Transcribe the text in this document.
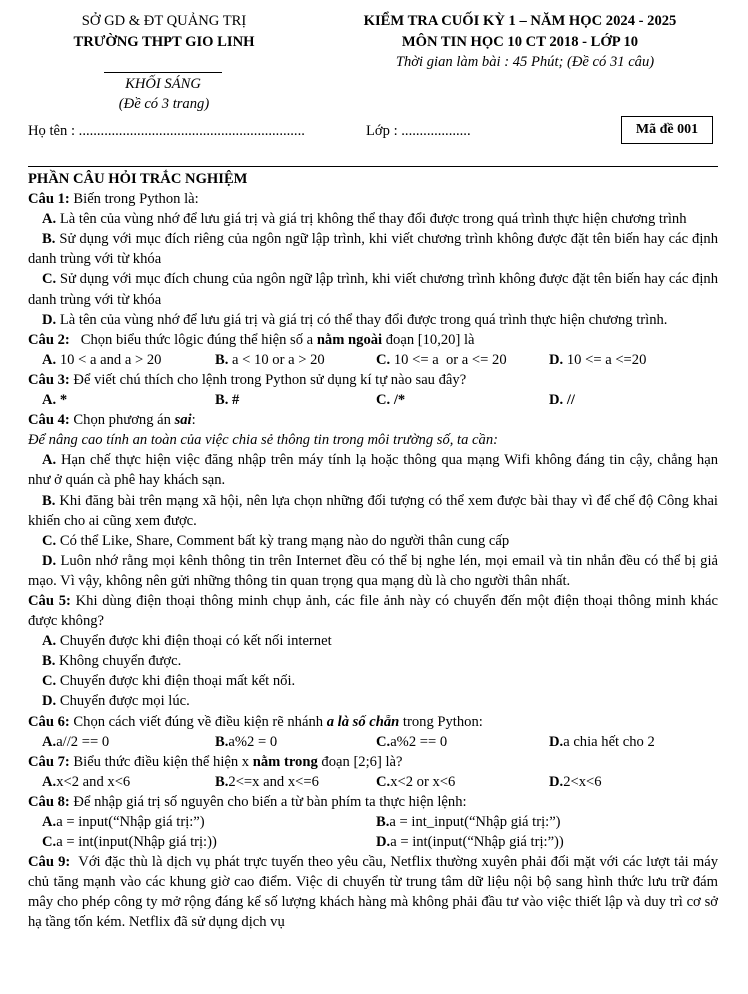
SỞ GD & ĐT QUẢNG TRỊ
TRƯỜNG THPT GIO LINH
KIỂM TRA CUỐI KỲ 1 – NĂM HỌC 2024 - 2025
MÔN TIN HỌC 10 CT 2018 - LỚP 10
Thời gian làm bài : 45 Phút; (Đề có 31 câu)
KHỐI SÁNG
(Đề có 3 trang)
Họ tên : ..............................................................	Lớp : ...................	Mã đề 001

PHẦN CÂU HỎI TRẮC NGHIỆM

Câu 1: Biến trong Python là:

A. Là tên của vùng nhớ để lưu giá trị và giá trị không thể thay đổi được trong quá trình thực hiện chương trình

B. Sử dụng với mục đích riêng của ngôn ngữ lập trình, khi viết chương trình không được đặt tên biến hay các định danh trùng với từ khóa

C. Sử dụng với mục đích chung của ngôn ngữ lập trình, khi viết chương trình không được đặt tên biến hay các định danh trùng với từ khóa

D. Là tên của vùng nhớ để lưu giá trị và giá trị có thể thay đổi được trong quá trình thực hiện chương trình.

Câu 2:   Chọn biểu thức lôgic đúng thể hiện số a nằm ngoài đoạn [10,20] là

A. 10 < a and a > 20	B. a < 10 or a > 20	C. 10 <= a  or a <= 20	D. 10 <= a <=20

Câu 3: Để viết chú thích cho lệnh trong Python sử dụng kí tự nào sau đây?

A. *	B. #	C. /*	D. //

Câu 4: Chọn phương án sai:

Để nâng cao tính an toàn của việc chia sẻ thông tin trong môi trường số, ta cần:

A. Hạn chế thực hiện việc đăng nhập trên máy tính lạ hoặc thông qua mạng Wifi không đáng tin cậy, chẳng hạn như ở quán cà phê hay khách sạn.

B. Khi đăng bài trên mạng xã hội, nên lựa chọn những đối tượng có thể xem được bài thay vì để chế độ Công khai khiến cho ai cũng xem được.

C. Có thể Like, Share, Comment bất kỳ trang mạng nào do người thân cung cấp

D. Luôn nhớ rằng mọi kênh thông tin trên Internet đều có thể bị nghe lén, mọi email và tin nhắn đều có thể bị giả mạo. Vì vậy, không nên gửi những thông tin quan trọng qua mạng dù là cho người thân nhất.

Câu 5: Khi dùng điện thoại thông minh chụp ảnh, các file ảnh này có chuyển đến một điện thoại thông minh khác được không?

A. Chuyển được khi điện thoại có kết nối internet

B. Không chuyển được.

C. Chuyển được khi điện thoại mất kết nối.

D. Chuyển được mọi lúc.

Câu 6: Chọn cách viết đúng về điều kiện rẽ nhánh a là số chẵn trong Python:

A.a//2 == 0	B.a%2 = 0	C.a%2 == 0	D.a chia hết cho 2

Câu 7: Biểu thức điều kiện thể hiện x nằm trong đoạn [2;6] là?

A.x<2 and x<6	B.2<=x and x<=6	C.x<2 or x<6	D.2<x<6

Câu 8: Để nhập giá trị số nguyên cho biến a từ bàn phím ta thực hiện lệnh:

A.a = input(“Nhập giá trị:”)	B.a = int_input(“Nhập giá trị:”)
C.a = int(input(Nhập giá trị:))	D.a = int(input(“Nhập giá trị:”))

Câu 9:  Với đặc thù là dịch vụ phát trực tuyến theo yêu cầu, Netflix thường xuyên phải đối mặt với các lượt tải máy chủ tăng mạnh vào các khung giờ cao điểm. Việc di chuyển từ trung tâm dữ liệu nội bộ sang hình thức lưu trữ đám mây cho phép công ty mở rộng đáng kể số lượng khách hàng mà không phải đầu tư vào việc thiết lập và duy trì cơ sở hạ tầng tốn kém. Netflix đã sử dụng dịch vụ
